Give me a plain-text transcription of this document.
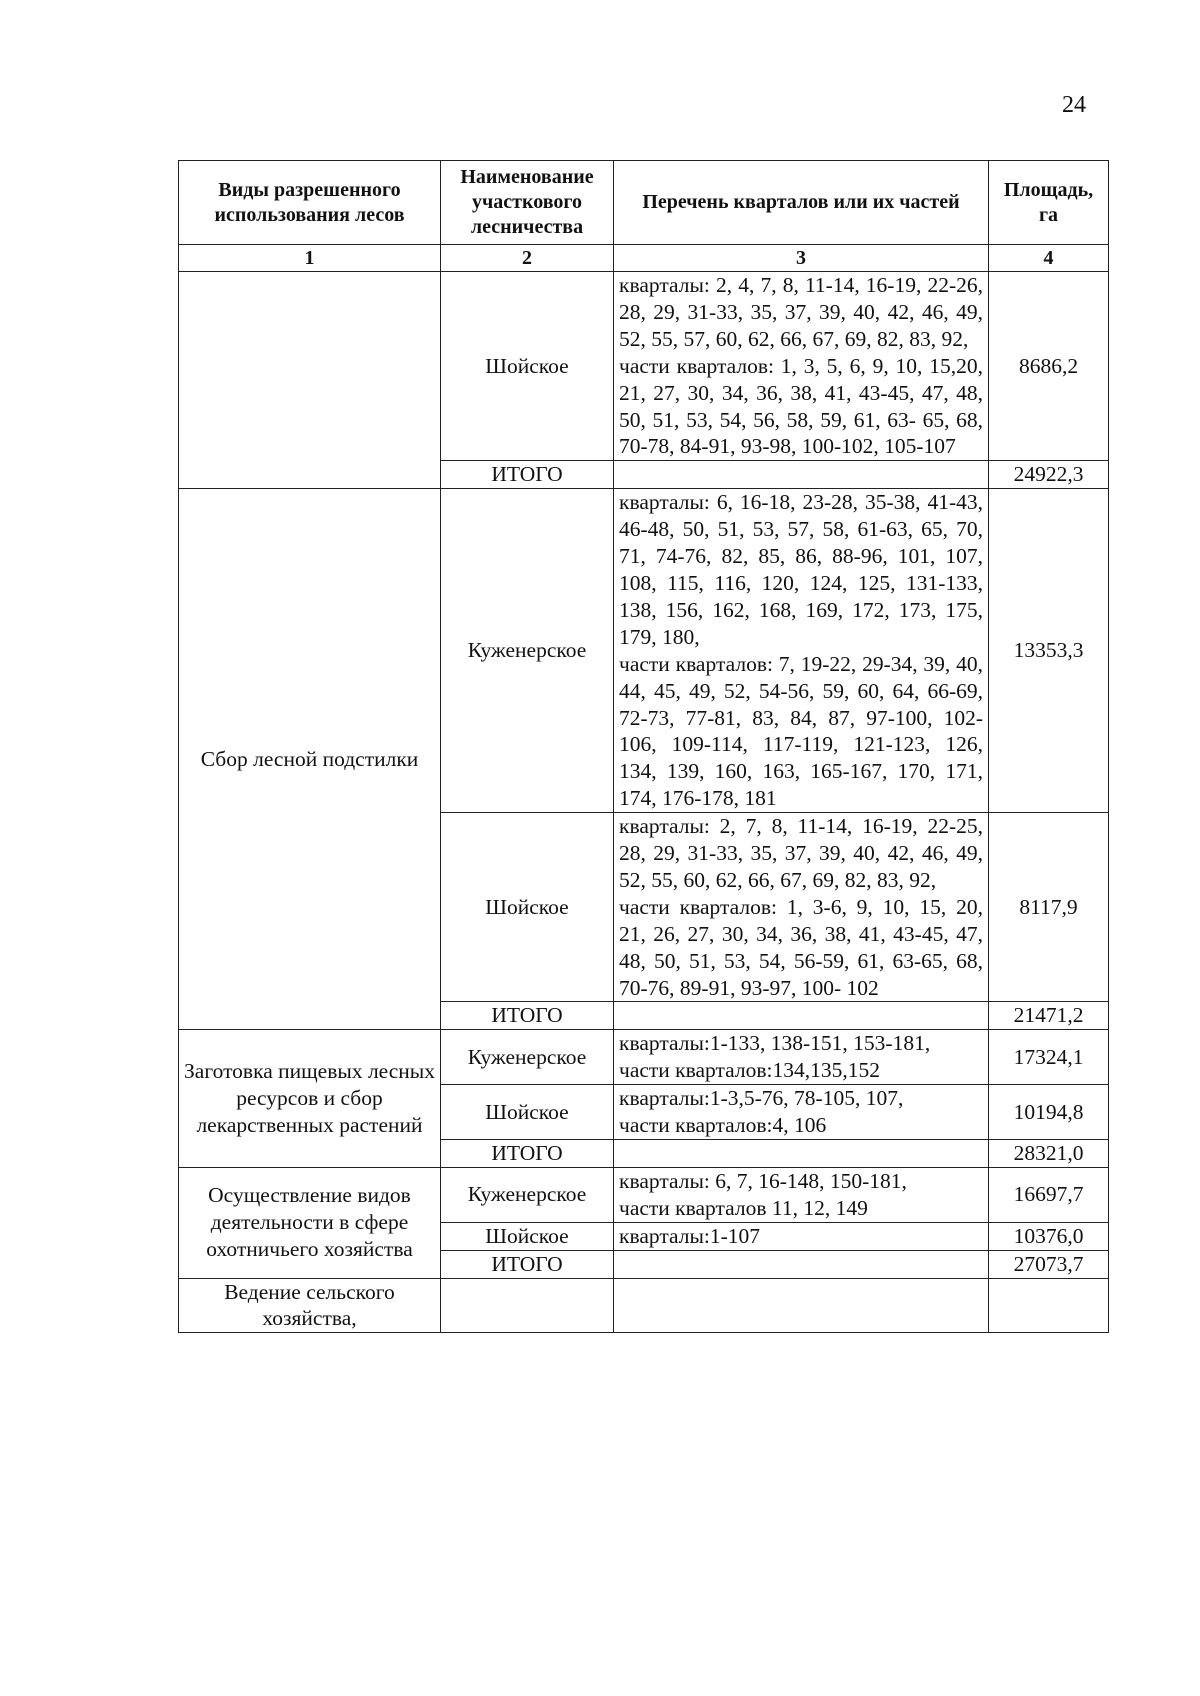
24
Виды разрешенного использования лесов	Наименование участкового лесничества	Перечень кварталов или их частей	Площадь, га
1	2	3	4
	Шойское	кварталы: 2, 4, 7, 8, 11-14, 16-19, 22-26, 28, 29, 31-33, 35, 37, 39, 40, 42, 46, 49, 52, 55, 57, 60, 62, 66, 67, 69, 82, 83, 92,
части кварталов: 1, 3, 5, 6, 9, 10, 15,20, 21, 27, 30, 34, 36, 38, 41, 43-45, 47, 48, 50, 51, 53, 54, 56, 58, 59, 61, 63- 65, 68, 70-78, 84-91, 93-98, 100-102, 105-107	8686,2
	ИТОГО		24922,3
Сбор лесной подстилки	Куженерское	кварталы: 6, 16-18, 23-28, 35-38, 41-43, 46-48, 50, 51, 53, 57, 58, 61-63, 65, 70, 71, 74-76, 82, 85, 86, 88-96, 101, 107, 108, 115, 116, 120, 124, 125, 131-133, 138, 156, 162, 168, 169, 172, 173, 175, 179, 180,
части кварталов: 7, 19-22, 29-34, 39, 40, 44, 45, 49, 52, 54-56, 59, 60, 64, 66-69, 72-73, 77-81, 83, 84, 87, 97-100, 102-106, 109-114, 117-119, 121-123, 126, 134, 139, 160, 163, 165-167, 170, 171, 174, 176-178, 181	13353,3
	Шойское	кварталы: 2, 7, 8, 11-14, 16-19, 22-25, 28, 29, 31-33, 35, 37, 39, 40, 42, 46, 49, 52, 55, 60, 62, 66, 67, 69, 82, 83, 92,
части кварталов: 1, 3-6, 9, 10, 15, 20, 21, 26, 27, 30, 34, 36, 38, 41, 43-45, 47, 48, 50, 51, 53, 54, 56-59, 61, 63-65, 68, 70-76, 89-91, 93-97, 100- 102	8117,9
	ИТОГО		21471,2
Заготовка пищевых лесных ресурсов и сбор лекарственных растений	Куженерское	кварталы:1-133, 138-151, 153-181,
части кварталов:134,135,152	17324,1
	Шойское	кварталы:1-3,5-76, 78-105, 107,
части кварталов:4, 106	10194,8
	ИТОГО		28321,0
Осуществление видов деятельности в сфере охотничьего хозяйства	Куженерское	кварталы: 6, 7, 16-148, 150-181,
части кварталов 11, 12, 149	16697,7
	Шойское	кварталы:1-107	10376,0
	ИТОГО		27073,7
Ведение сельского хозяйства,			
